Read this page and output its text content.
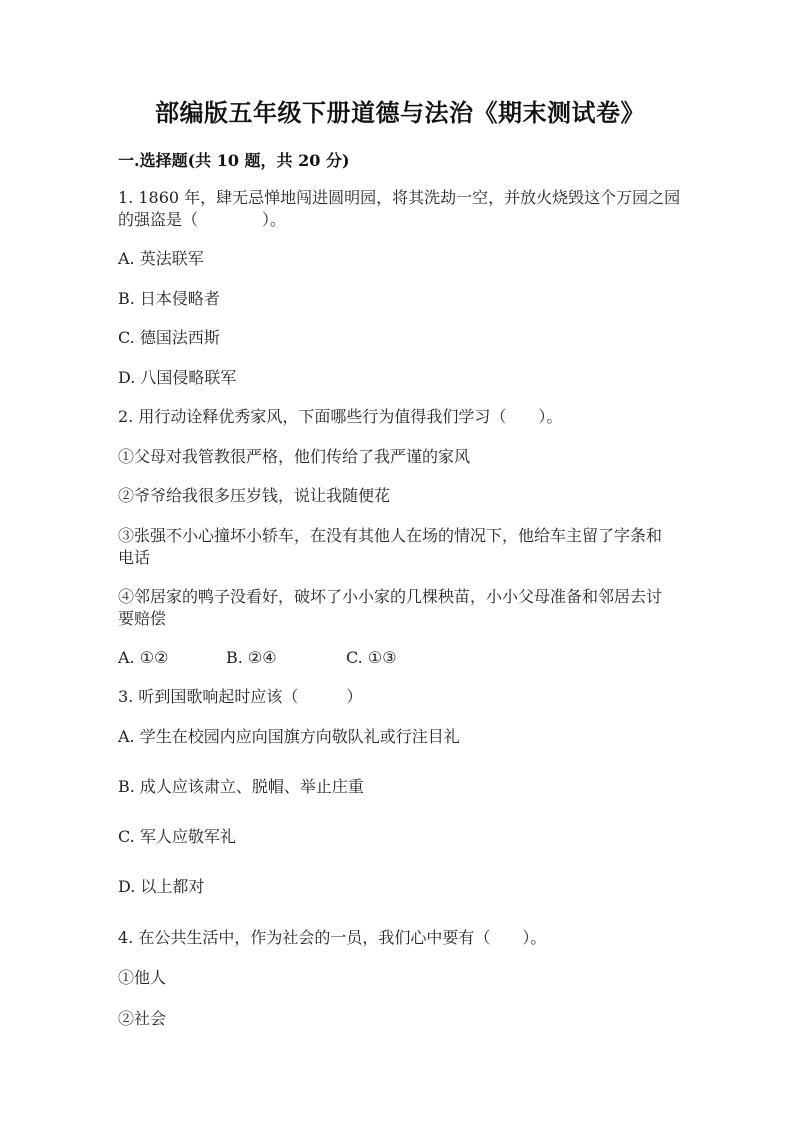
部编版五年级下册道德与法治《期末测试卷》
一.选择题(共 10 题，共 20 分)
1. 1860 年，肆无忌惮地闯进圆明园，将其洗劫一空，并放火烧毁这个万园之园
的强盗是（　　　　）。
A. 英法联军
B. 日本侵略者
C. 德国法西斯
D. 八国侵略联军
2. 用行动诠释优秀家风，下面哪些行为值得我们学习（　　）。
①父母对我管教很严格，他们传给了我严谨的家风
②爷爷给我很多压岁钱，说让我随便花
③张强不小心撞坏小轿车，在没有其他人在场的情况下，他给车主留了字条和
电话
④邻居家的鸭子没看好，破坏了小小家的几棵秧苗，小小父母准备和邻居去讨
要赔偿
A. ①②	B. ②④	C. ①③
3. 听到国歌响起时应该（　　　）
A. 学生在校园内应向国旗方向敬队礼或行注目礼
B. 成人应该肃立、脱帽、举止庄重
C. 军人应敬军礼
D. 以上都对
4. 在公共生活中，作为社会的一员，我们心中要有（　　）。
①他人
②社会
